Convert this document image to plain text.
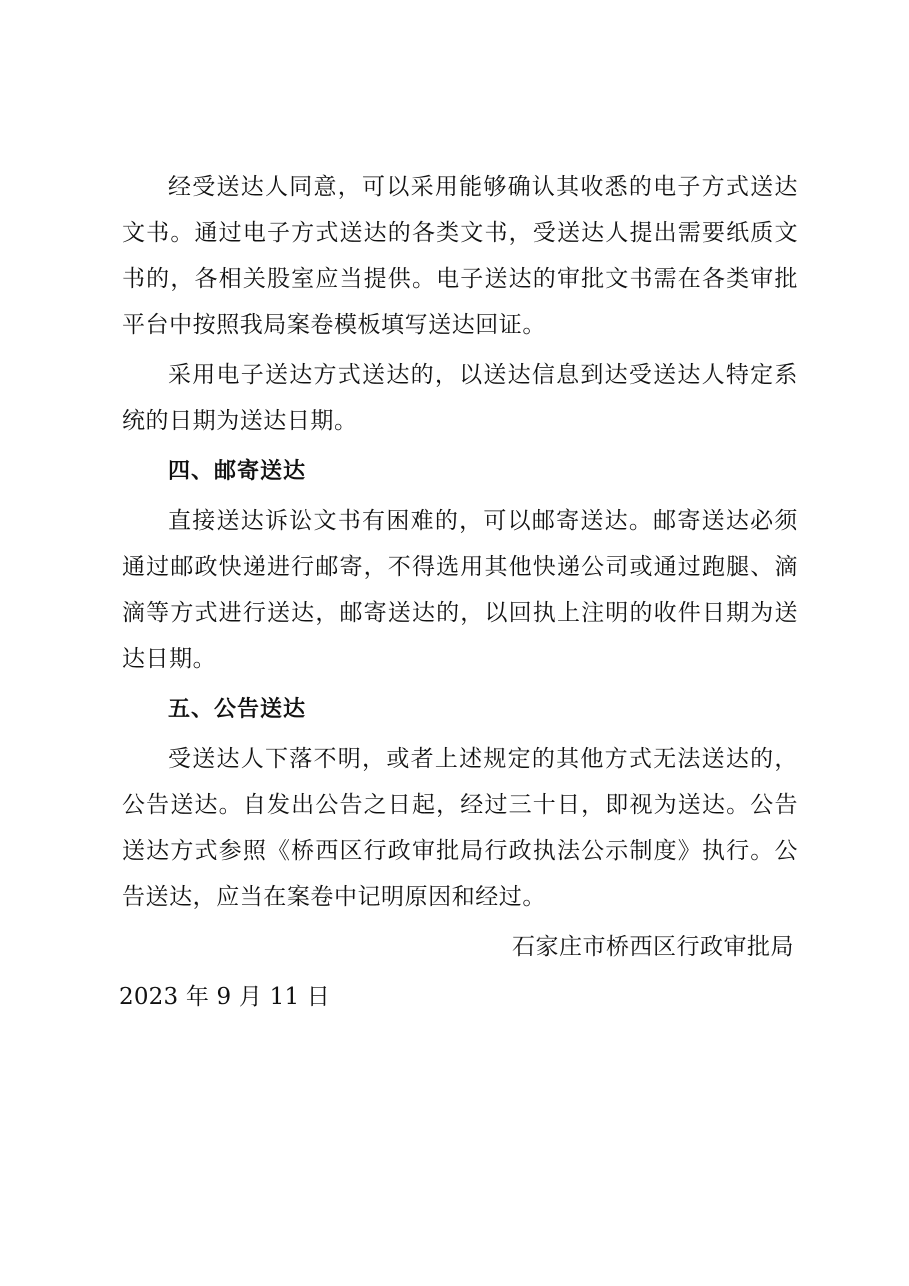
经受送达人同意，可以采用能够确认其收悉的电子方式送达文书。通过电子方式送达的各类文书，受送达人提出需要纸质文书的，各相关股室应当提供。电子送达的审批文书需在各类审批平台中按照我局案卷模板填写送达回证。

采用电子送达方式送达的，以送达信息到达受送达人特定系统的日期为送达日期。

四、邮寄送达

直接送达诉讼文书有困难的，可以邮寄送达。邮寄送达必须通过邮政快递进行邮寄，不得选用其他快递公司或通过跑腿、滴滴等方式进行送达，邮寄送达的，以回执上注明的收件日期为送达日期。

五、公告送达

受送达人下落不明，或者上述规定的其他方式无法送达的，公告送达。自发出公告之日起，经过三十日，即视为送达。公告送达方式参照《桥西区行政审批局行政执法公示制度》执行。公告送达，应当在案卷中记明原因和经过。

石家庄市桥西区行政审批局

2023 年 9 月 11 日
